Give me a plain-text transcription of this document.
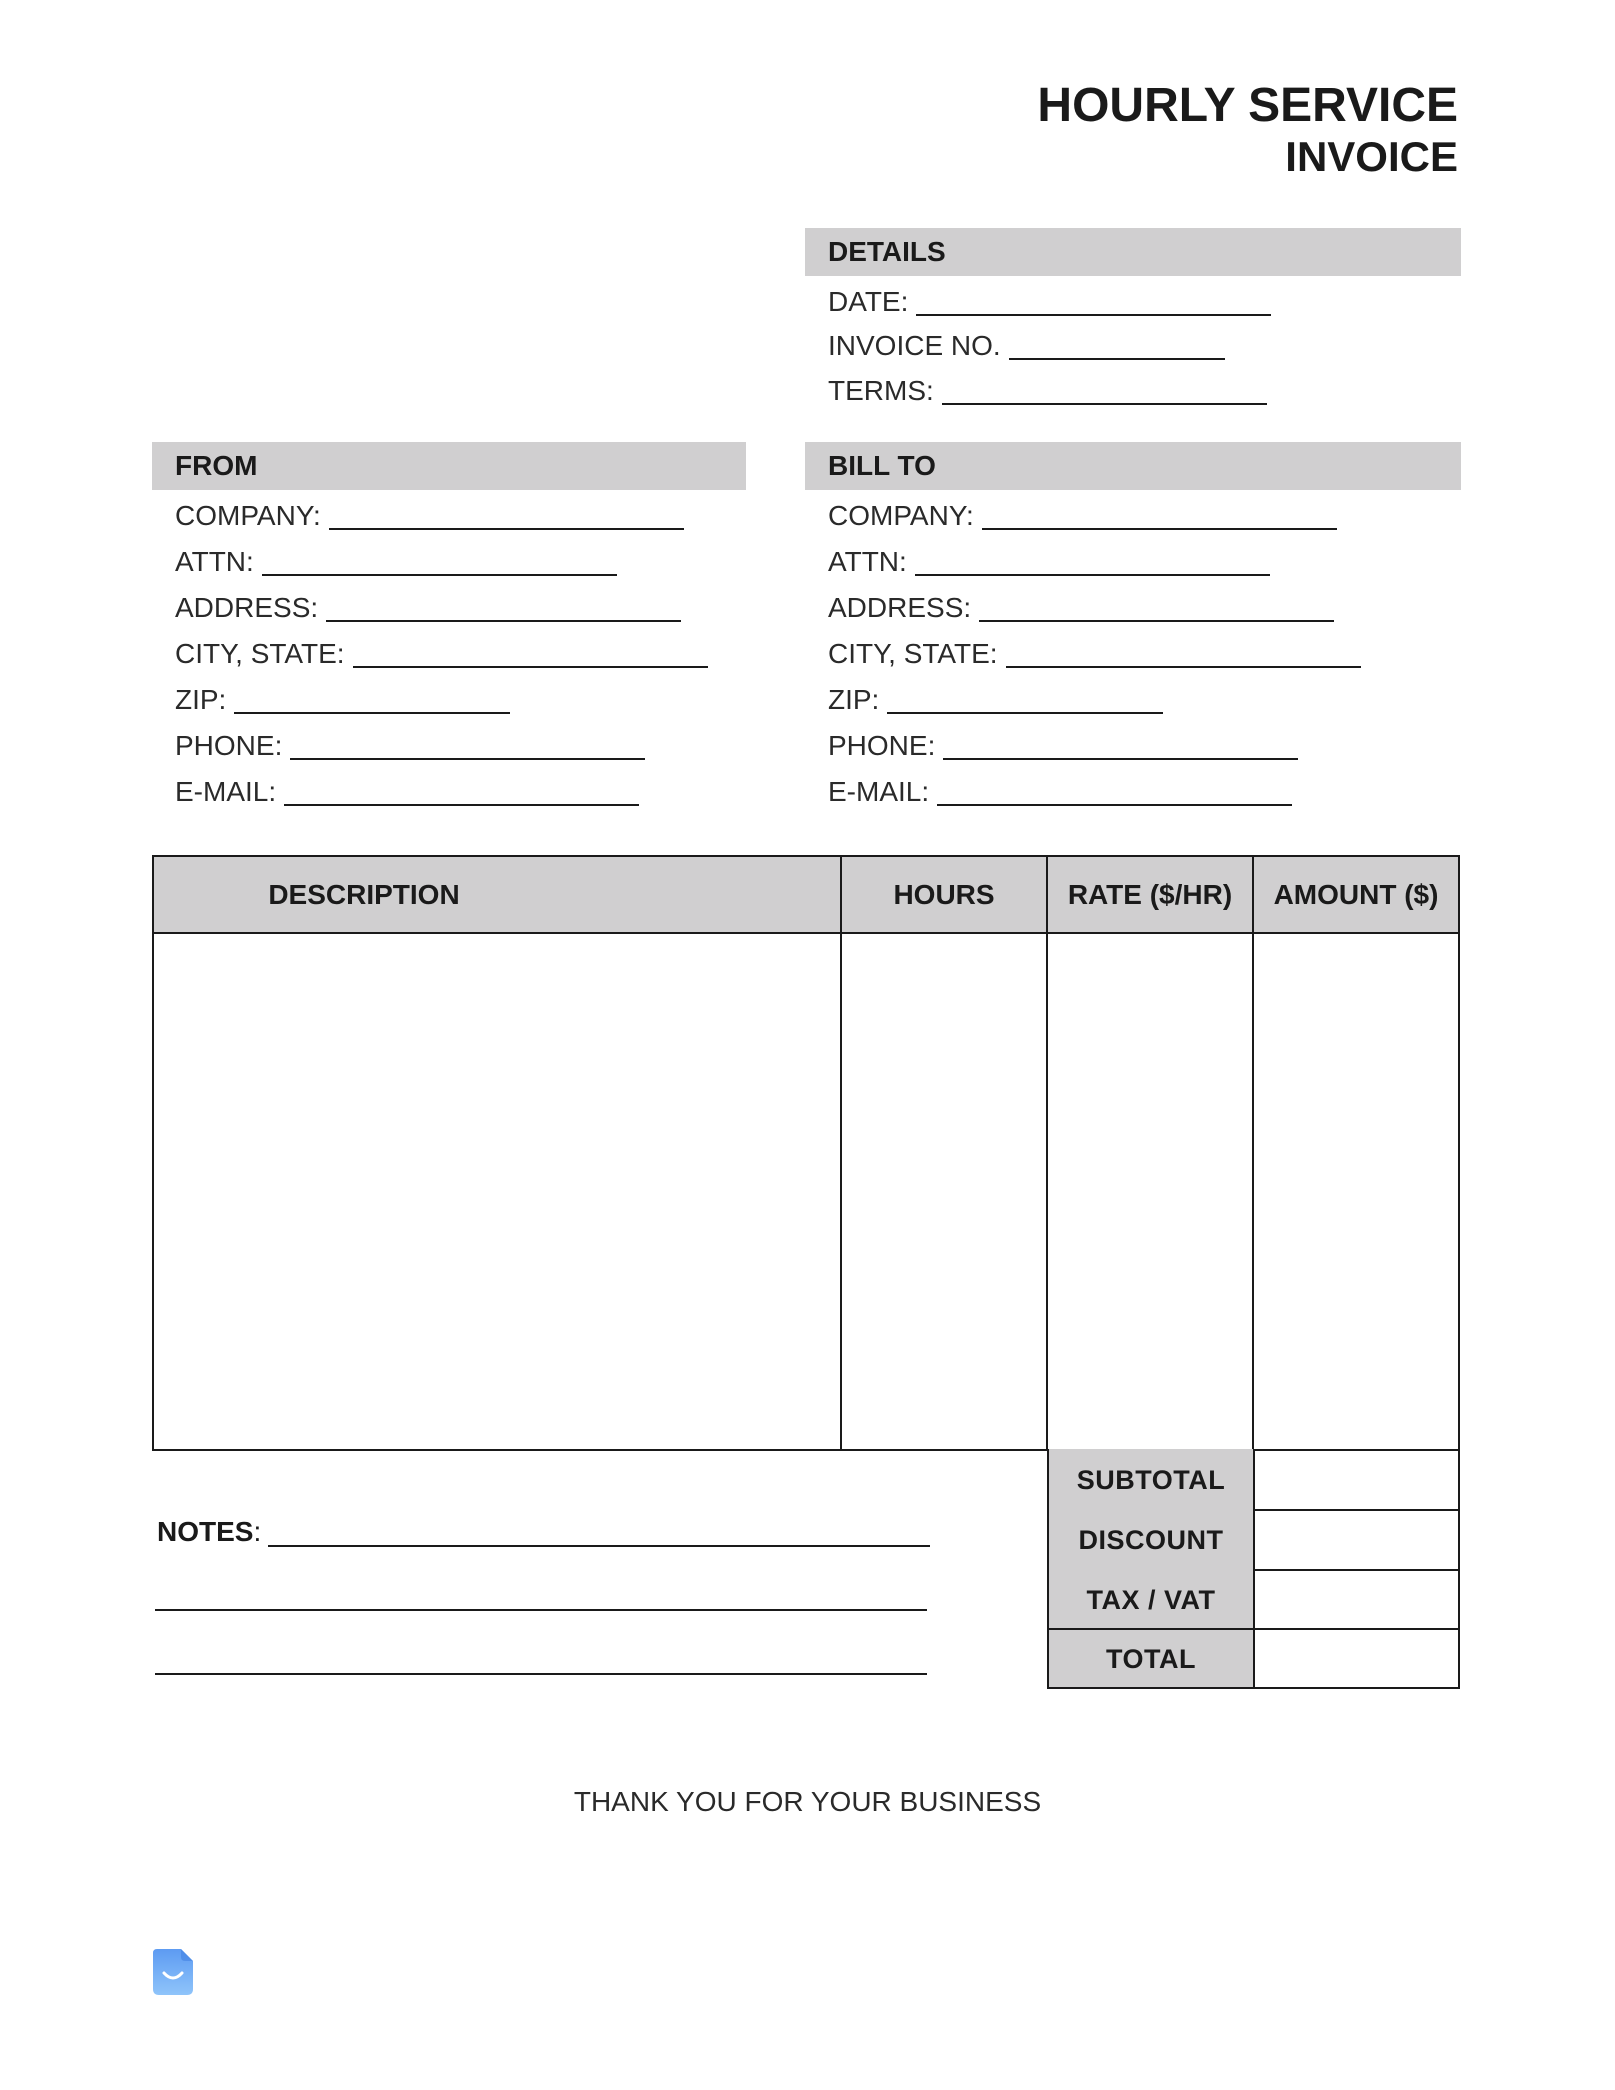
HOURLY SERVICE
INVOICE
DETAILS
DATE:
INVOICE NO.
TERMS:
FROM
COMPANY:
ATTN:
ADDRESS:
CITY, STATE:
ZIP:
PHONE:
E-MAIL:
BILL TO
COMPANY:
ATTN:
ADDRESS:
CITY, STATE:
ZIP:
PHONE:
E-MAIL:
DESCRIPTION	HOURS	RATE ($/HR)	AMOUNT ($)
SUBTOTAL
DISCOUNT
TAX / VAT
TOTAL
NOTES:
THANK YOU FOR YOUR BUSINESS
